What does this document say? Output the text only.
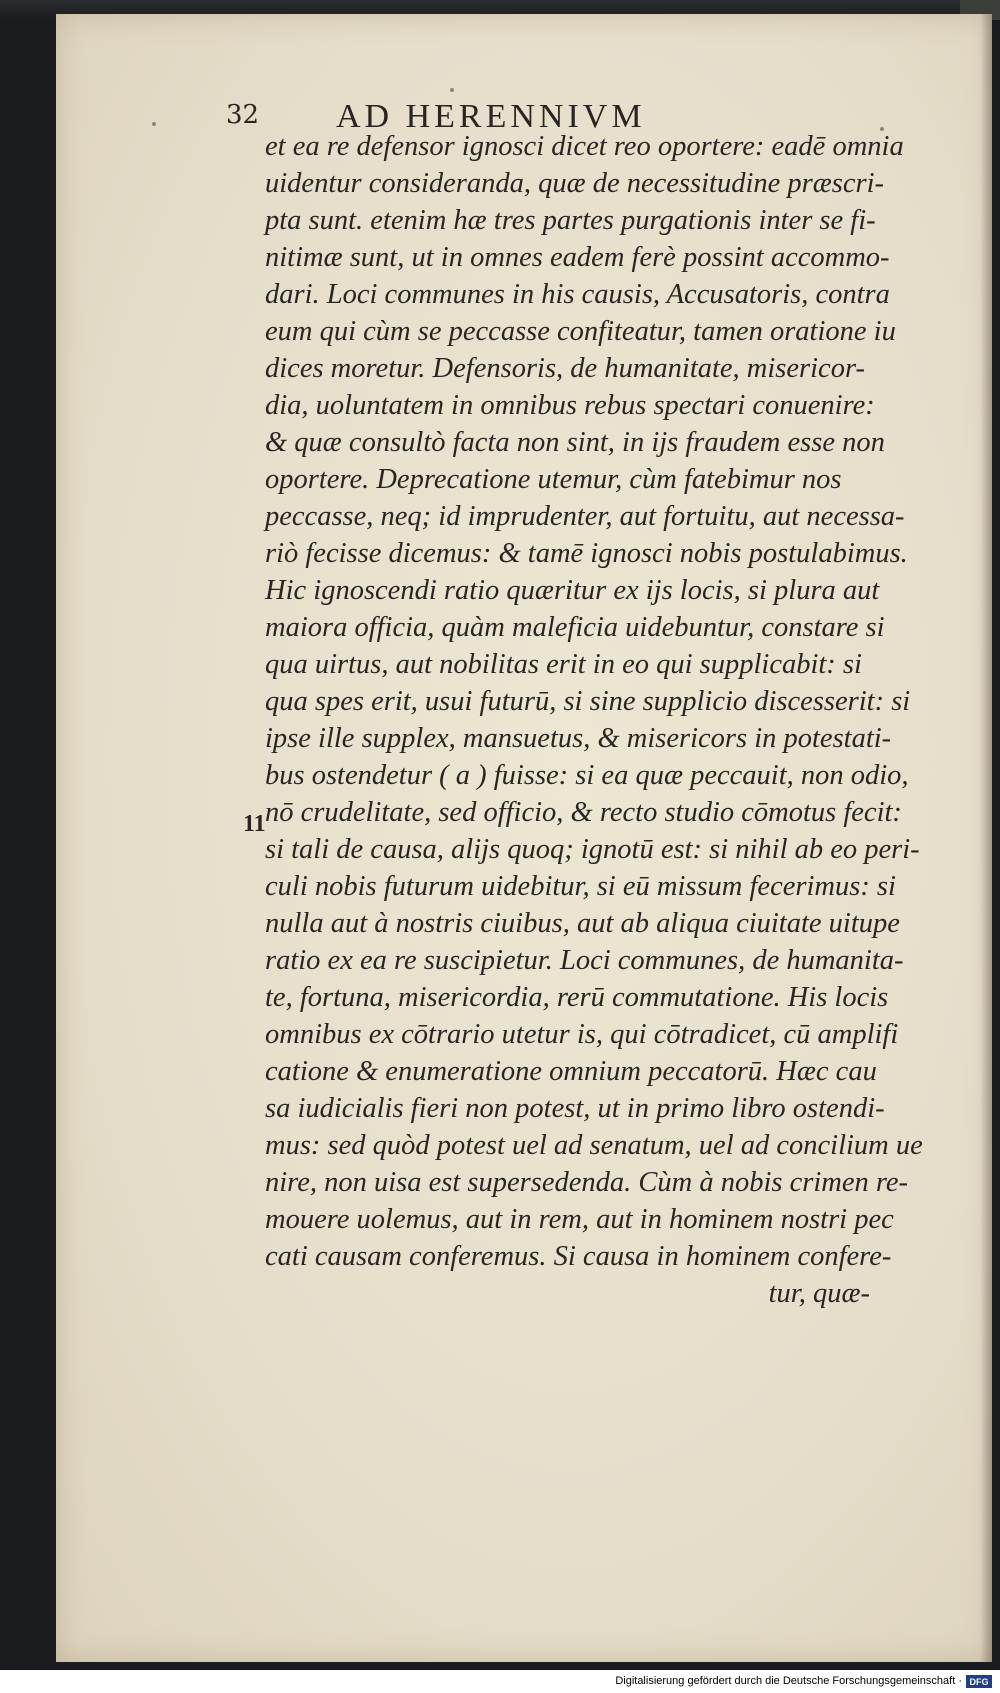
32 AD HERENNIVM
et ea re defensor ignosci dicet reo oportere: eadē omnia
uidentur consideranda, quæ de necessitudine præscri-
pta sunt. etenim hæ tres partes purgationis inter se fi-
nitimæ sunt, ut in omnes eadem ferè possint accommo-
dari. Loci communes in his causis, Accusatoris, contra
eum qui cùm se peccasse confiteatur, tamen oratione iu
dices moretur. Defensoris, de humanitate, misericor-
dia, uoluntatem in omnibus rebus spectari conuenire:
& quæ consultò facta non sint, in ijs fraudem esse non
oportere. Deprecatione utemur, cùm fatebimur nos
peccasse, neq; id imprudenter, aut fortuitu, aut necessa-
riò fecisse dicemus: & tamē ignosci nobis postulabimus.
Hic ignoscendi ratio quæritur ex ijs locis, si plura aut
maiora officia, quàm maleficia uidebuntur, constare si
qua uirtus, aut nobilitas erit in eo qui supplicabit: si
qua spes erit, usui futurū, si sine supplicio discesserit: si
ipse ille supplex, mansuetus, & misericors in potestati-
bus ostendetur ( a ) fuisse: si ea quæ peccauit, non odio,
nō crudelitate, sed officio, & recto studio cōmotus fecit:
si tali de causa, alijs quoq; ignotū est: si nihil ab eo peri-
culi nobis futurum uidebitur, si eū missum fecerimus: si
nulla aut à nostris ciuibus, aut ab aliqua ciuitate uitupe
ratio ex ea re suscipietur. Loci communes, de humanita-
te, fortuna, misericordia, rerū commutatione. His locis
omnibus ex cōtrario utetur is, qui cōtradicet, cū amplifi
catione & enumeratione omnium peccatorū. Hæc cau
sa iudicialis fieri non potest, ut in primo libro ostendi-
mus: sed quòd potest uel ad senatum, uel ad concilium ue
nire, non uisa est supersedenda. Cùm à nobis crimen re-
mouere uolemus, aut in rem, aut in hominem nostri pec
cati causam conferemus. Si causa in hominem confere-
tur, quæ-
11
Digitalisierung gefördert durch die Deutsche Forschungsgemeinschaft · DFG
